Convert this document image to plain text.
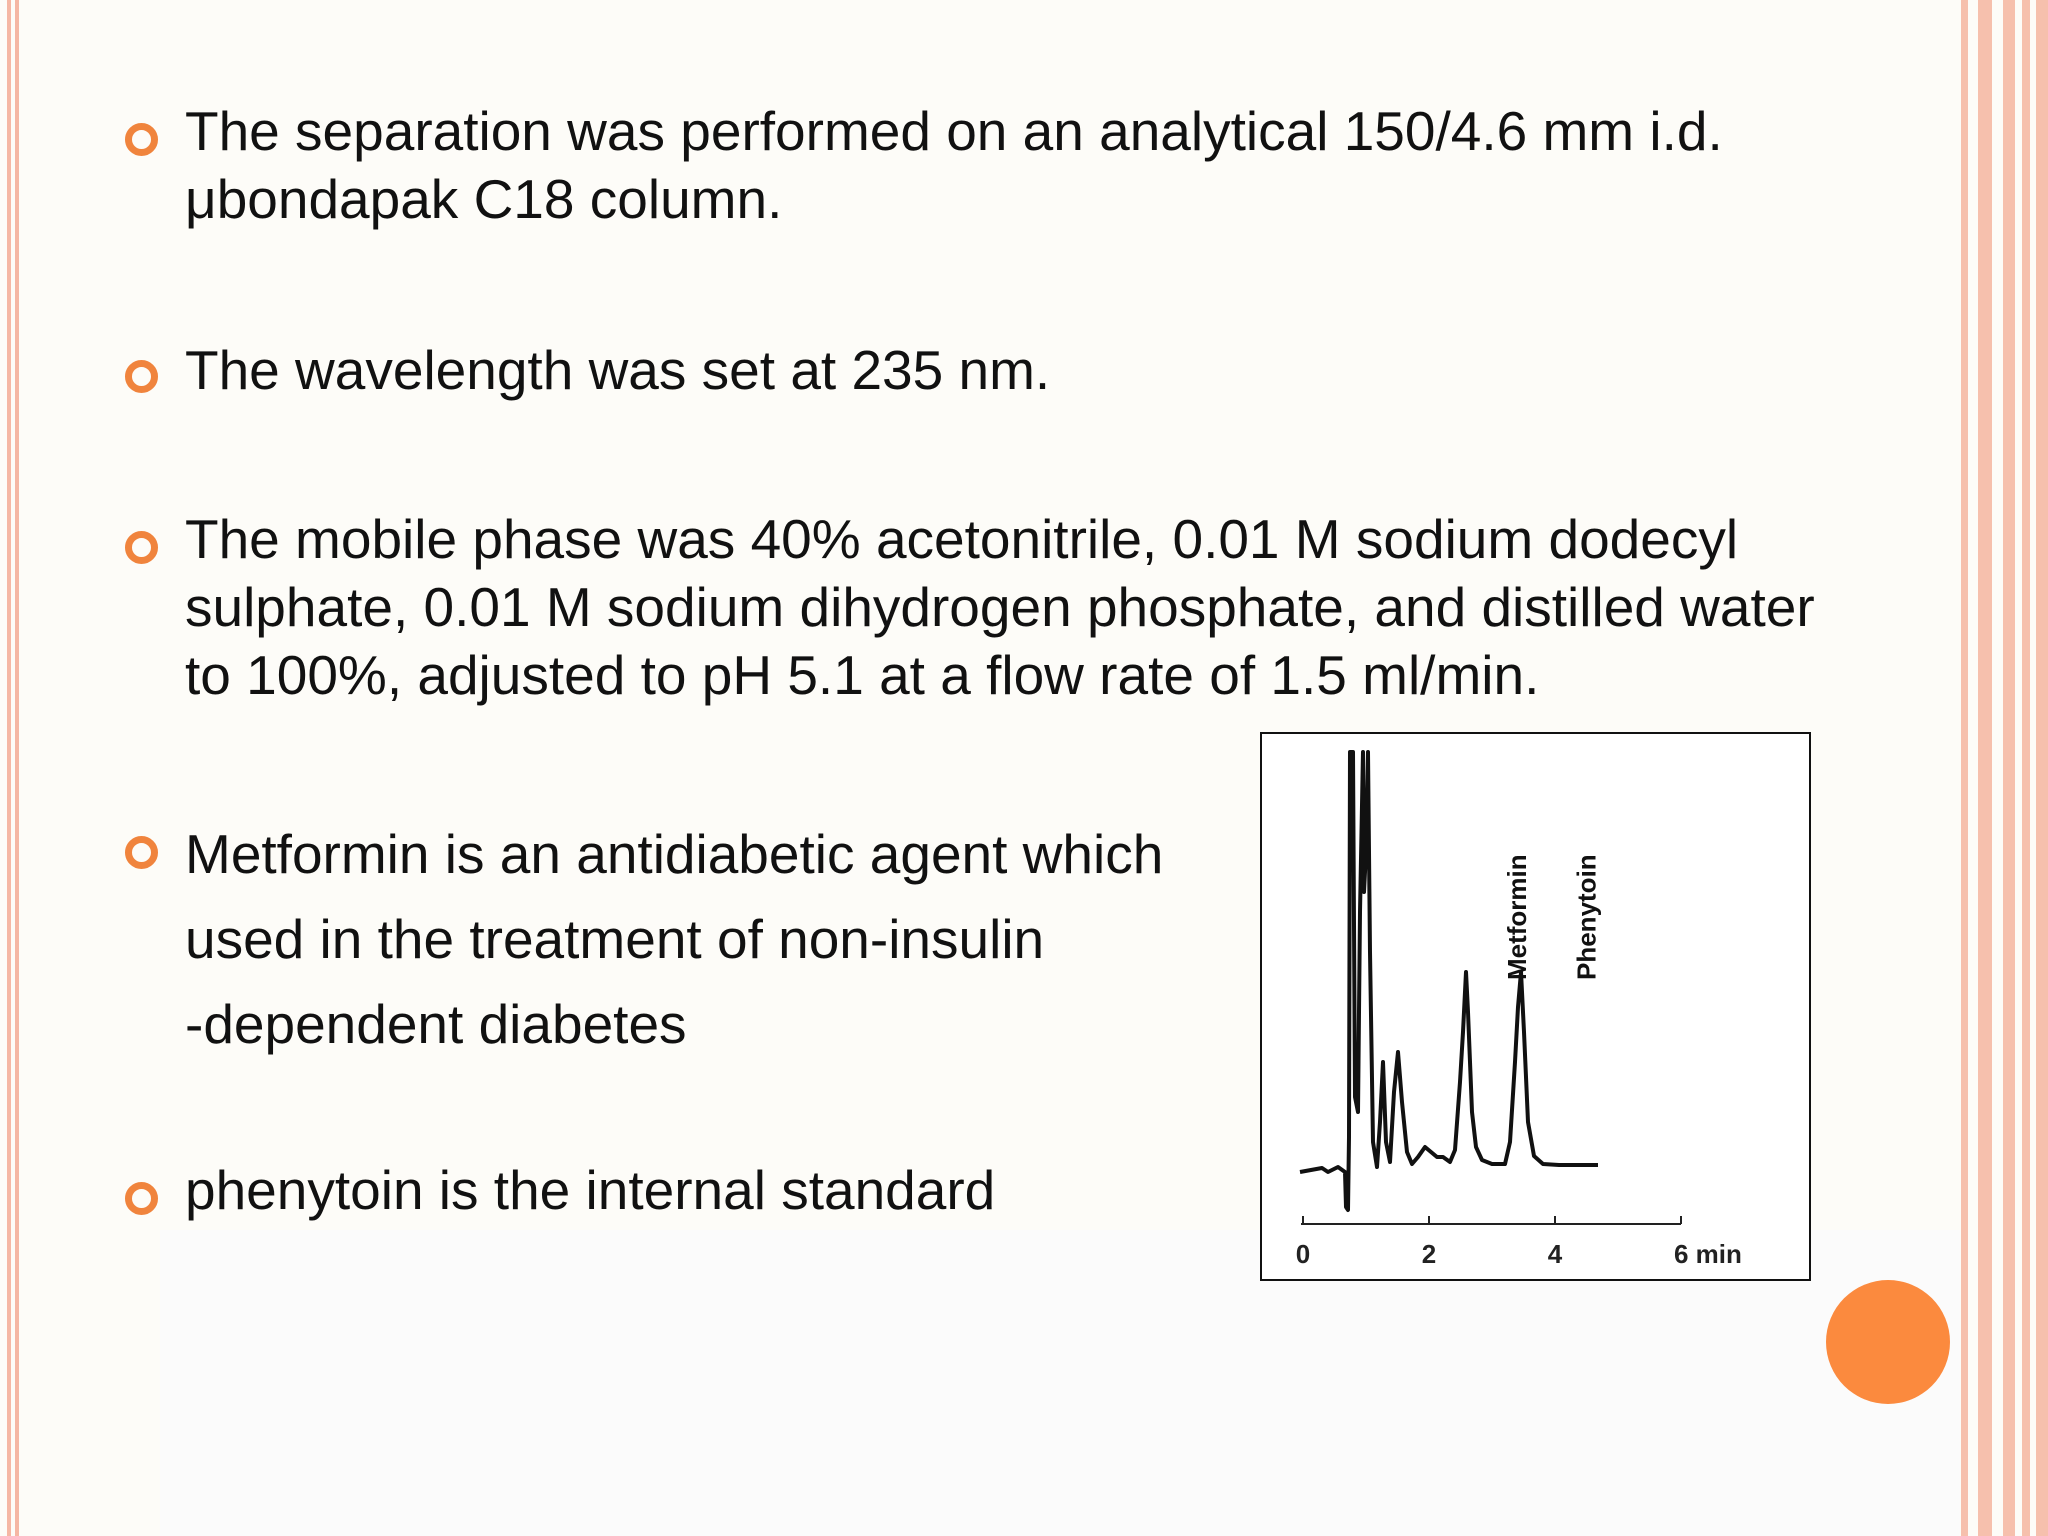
The separation was performed on an analytical 150/4.6 mm i.d.
μbondapak C18 column.
The wavelength was set at 235 nm.
The mobile phase was 40% acetonitrile, 0.01 M sodium dodecyl
sulphate, 0.01 M sodium dihydrogen phosphate, and distilled water
to 100%, adjusted to pH 5.1 at a flow rate of 1.5 ml/min.
Metformin is an antidiabetic agent which
used in the treatment of non-insulin
-dependent diabetes
phenytoin is the internal standard
0	2	4	6 min
Metformin Phenytoin
